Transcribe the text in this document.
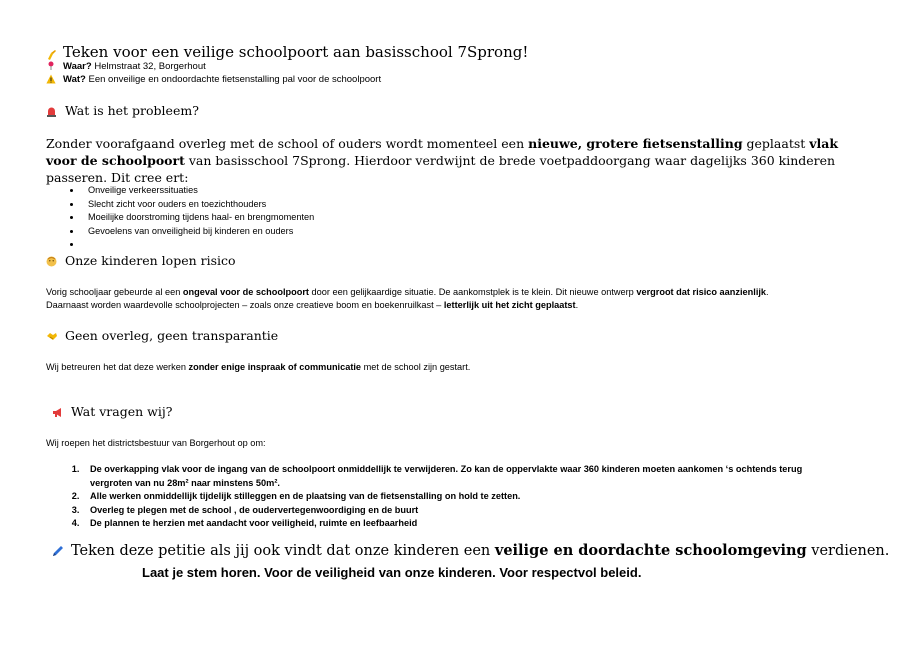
Teken voor een veilige schoolpoort aan basisschool 7Sprong!
Waar? Helmstraat 32, Borgerhout
Wat? Een onveilige en ondoordachte fietsenstalling pal voor de schoolpoort
Wat is het probleem?
Zonder voorafgaand overleg met de school of ouders wordt momenteel een nieuwe, grotere fietsenstalling geplaatst vlak voor de schoolpoort van basisschool 7Sprong. Hierdoor verdwijnt de brede voetpaddoorgang waar dagelijks 360 kinderen passeren. Dit cree ert:
• Onveilige verkeerssituaties
• Slecht zicht voor ouders en toezichthouders
• Moeilijke doorstroming tijdens haal- en brengmomenten
• Gevoelens van onveiligheid bij kinderen en ouders
•
Onze kinderen lopen risico
Vorig schooljaar gebeurde al een ongeval voor de schoolpoort door een gelijkaardige situatie. De aankomstplek is te klein. Dit nieuwe ontwerp vergroot dat risico aanzienlijk.
Daarnaast worden waardevolle schoolprojecten – zoals onze creatieve boom en boekenruilkast – letterlijk uit het zicht geplaatst.
Geen overleg, geen transparantie
Wij betreuren het dat deze werken zonder enige inspraak of communicatie met de school zijn gestart.
Wat vragen wij?
Wij roepen het districtsbestuur van Borgerhout op om:
1. De overkapping vlak voor de ingang van de schoolpoort onmiddellijk te verwijderen. Zo kan de oppervlakte waar 360 kinderen moeten aankomen ‘s ochtends terug vergroten van nu 28m² naar minstens 50m².
2. Alle werken onmiddellijk tijdelijk stilleggen en de plaatsing van de fietsenstalling on hold te zetten.
3. Overleg te plegen met de school , de oudervertegenwoordiging en de buurt
4. De plannen te herzien met aandacht voor veiligheid, ruimte en leefbaarheid
Teken deze petitie als jij ook vindt dat onze kinderen een veilige en doordachte schoolomgeving verdienen.
Laat je stem horen. Voor de veiligheid van onze kinderen. Voor respectvol beleid.
